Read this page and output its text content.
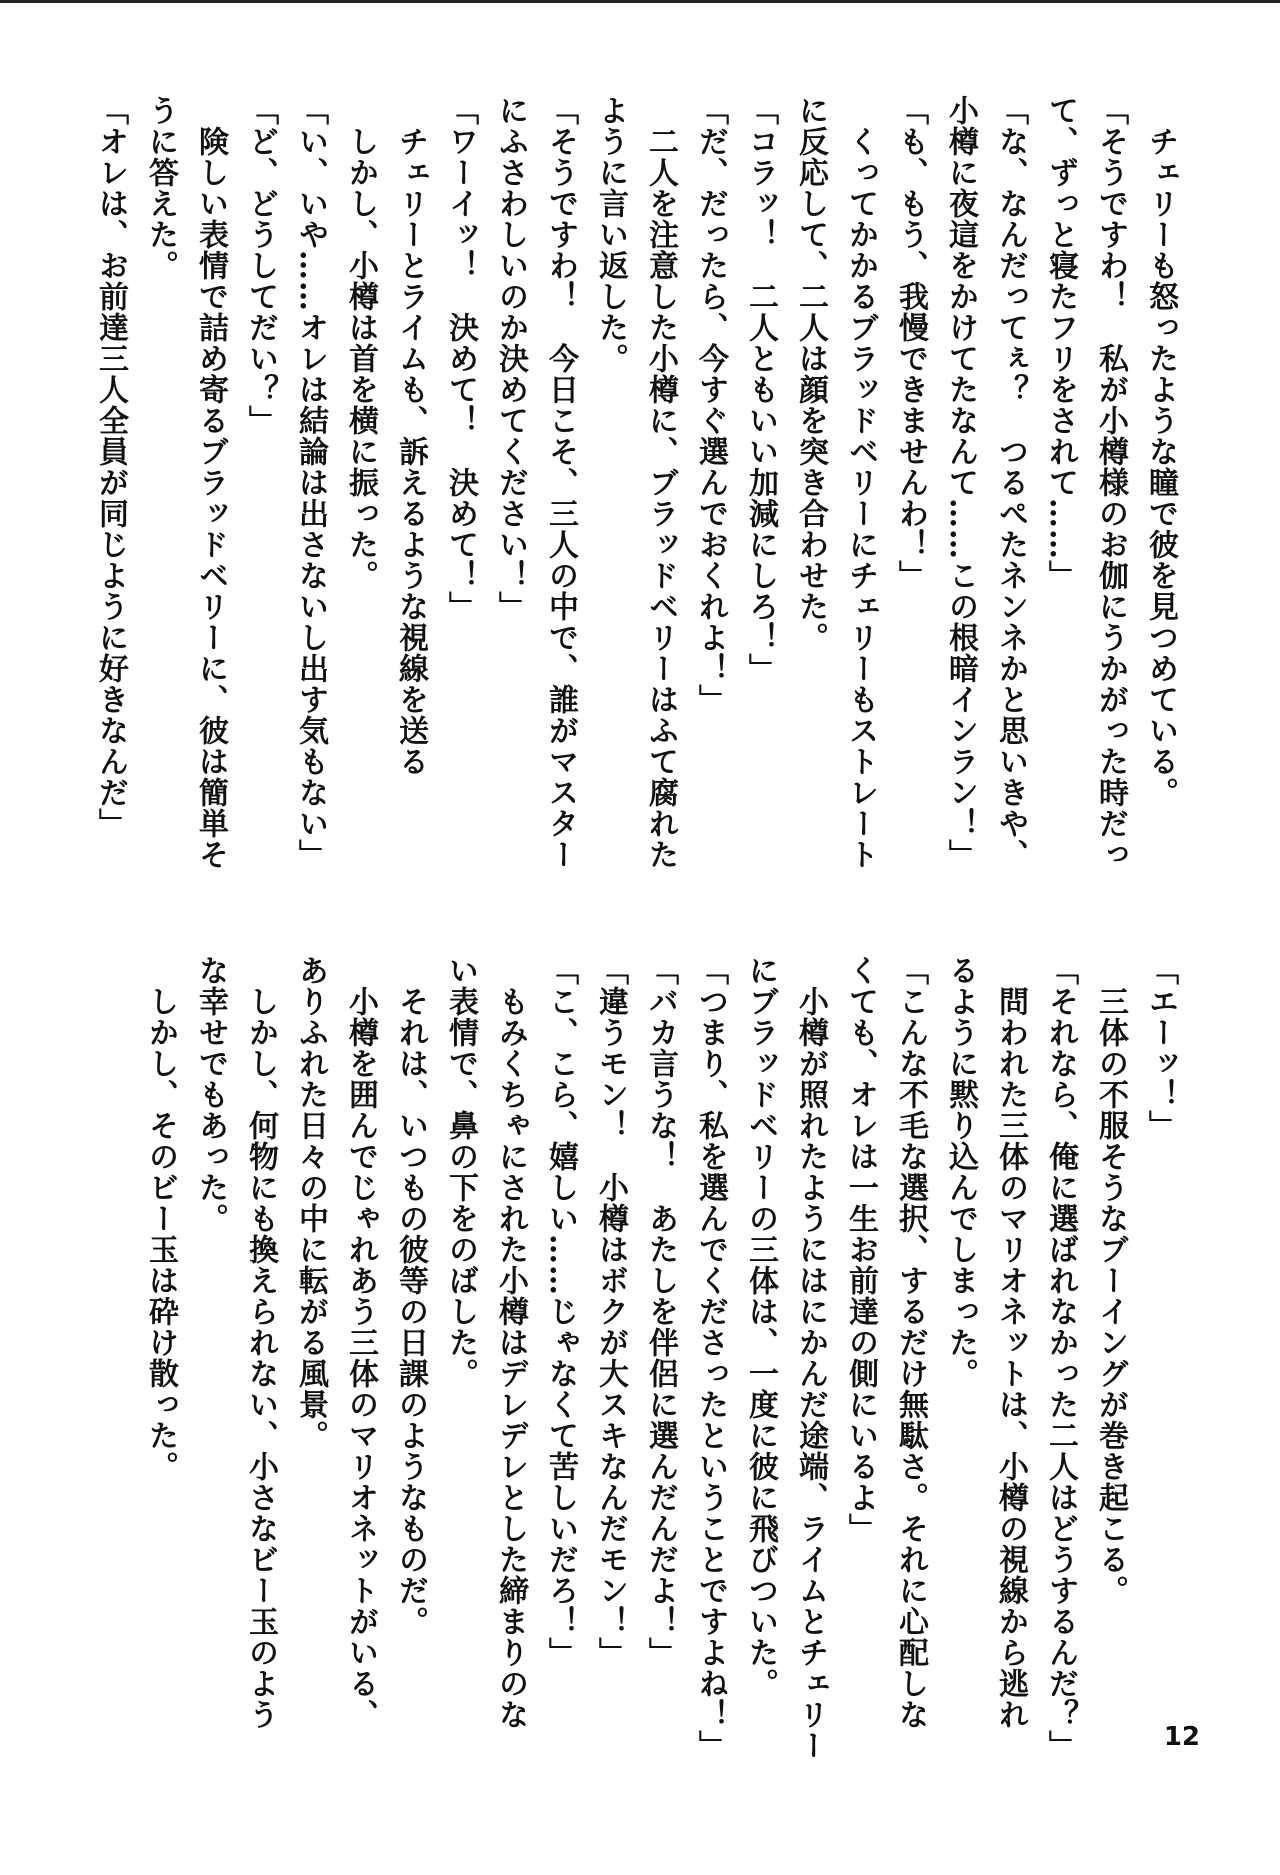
　チェリーも怒ったような瞳で彼を見つめている。
「そうですわ！　私が小樽様のお伽にうかがった時だっ
て、ずっと寝たフリをされて……」
「な、なんだってぇ？　つるぺたネンネかと思いきや、
小樽に夜這をかけてたなんて……この根暗インラン！」
「も、もう、我慢できませんわ！」
　くってかかるブラッドベリーにチェリーもストレート
に反応して、二人は顔を突き合わせた。
「コラッ！　二人ともいい加減にしろ！」
「だ、だったら、今すぐ選んでおくれよ！」
　二人を注意した小樽に、ブラッドベリーはふて腐れた
ように言い返した。
「そうですわ！　今日こそ、三人の中で、誰がマスター
にふさわしいのか決めてください！」
「ワーイッ！　決めて！　決めて！」
　チェリーとライムも、訴えるような視線を送る
　しかし、小樽は首を横に振った。
「い、いや……オレは結論は出さないし出す気もない」
「ど、どうしてだい？」
　険しい表情で詰め寄るブラッドベリーに、彼は簡単そ
うに答えた。
「オレは、お前達三人全員が同じように好きなんだ」
「エーッ！」
　三体の不服そうなブーイングが巻き起こる。
「それなら、俺に選ばれなかった二人はどうするんだ？」
　問われた三体のマリオネットは、小樽の視線から逃れ
るように黙り込んでしまった。
「こんな不毛な選択、するだけ無駄さ。それに心配しな
くても、オレは一生お前達の側にいるよ」
　小樽が照れたようにはにかんだ途端、ライムとチェリー
にブラッドベリーの三体は、一度に彼に飛びついた。
「つまり、私を選んでくださったということですよね！」
「バカ言うな！　あたしを伴侶に選んだんだよ！」
「違うモン！　小樽はボクが大スキなんだモン！」
「こ、こら、嬉しい……じゃなくて苦しいだろ！」
　もみくちゃにされた小樽はデレデレとした締まりのな
い表情で、鼻の下をのばした。
　それは、いつもの彼等の日課のようなものだ。
　小樽を囲んでじゃれあう三体のマリオネットがいる、
ありふれた日々の中に転がる風景。
　しかし、何物にも換えられない、小さなビー玉のよう
な幸せでもあった。
　しかし、そのビー玉は砕け散った。
12
